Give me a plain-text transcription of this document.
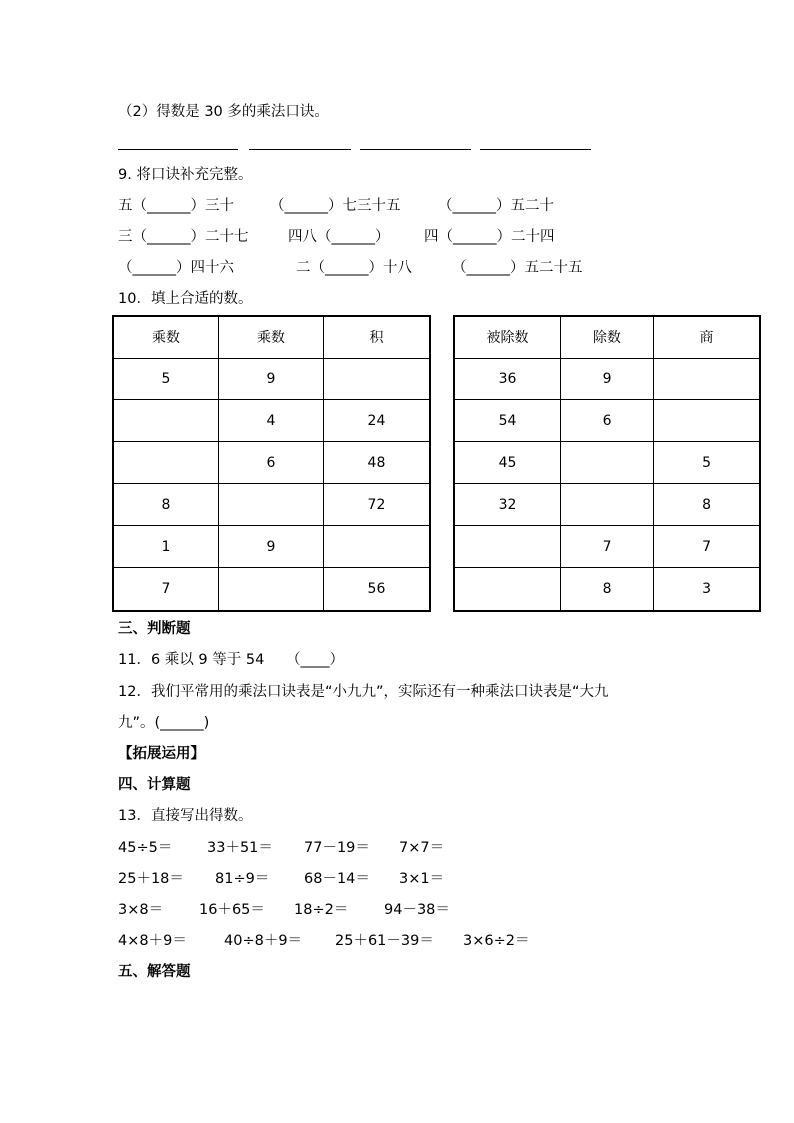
（2）得数是 30 多的乘法口诀。
9. 将口诀补充完整。
五（______）三十 （______）七三十五	（______）五二十
三（______）二十七	四八（______） 四（______）二十四
（______）四十六	二（______）十八	（______）五二十五
10．填上合适的数。
乘数	乘数	积
5	9	
	4	24
	6	48
8		72
1	9	
7		56
被除数	除数	商
36	9	
54	6	
45		5
32		8
	7	7
	8	3
三、判断题
11．6 乘以 9 等于 54　　（____）
12．我们平常用的乘法口诀表是“小九九”，实际还有一种乘法口诀表是“大九
九”。(______)
【拓展运用】
四、计算题
13．直接写出得数。
45÷5＝ 33＋51＝ 77－19＝ 7×7＝
25＋18＝ 81÷9＝ 68－14＝ 3×1＝
3×8＝ 16＋65＝ 18÷2＝ 94－38＝
4×8＋9＝	40÷8＋9＝ 25＋61－39＝ 3×6÷2＝
五、解答题
